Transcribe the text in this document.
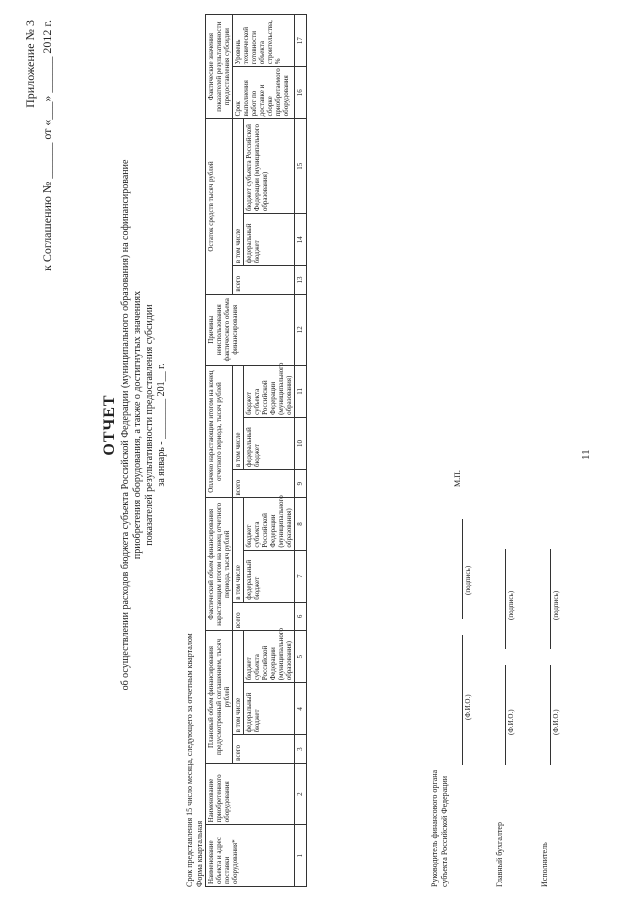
11
Приложение № 3 к Соглашению № ______ от «___» ______ 2012 г.
ОТЧЕТ об осуществлении расходов бюджета субъекта Российской Федерации (муниципального образования) на софинансирование приобретения оборудования, а также о достигнутых значениях показателей результативности предоставления субсидии за январь - ________ 201__ г.
Срок представления 15 число месяца, следующего за отчетным кварталом Форма квартальная Наименование объекта и адрес поставки оборудования*	Наименование приобретенного оборудования	Плановый объем финансирования предусмотренный соглашением, тысяч рублей			Фактический объем финансирования нарастающим итогом на конец отчетного периода, тысяч рублей			Оплачено нарастающим итогом на конец отчетного периода, тысяч рублей			Причины неиспользования фактического объема финансирования	Остаток средств тысяч рублей			Фактические значения показателей результативности предоставления субсидии	
		всего	в том числе		всего	в том числе		всего	в том числе			всего	в том числе		Срок выполнения работ по доставке и сборке приобретаемого оборудования	Уровень технической готовности объекта строительства, %
			федеральный бюджет	бюджет субъекта Российской Федерации (муниципального образования)		федеральный бюджет	бюджет субъекта Российской Федерации (муниципального образования)		федеральный бюджет	бюджет субъекта Российской Федерации (муниципального образования)			федеральный бюджет	бюджет субъекта Российской Федерации (муниципального образования)		
1	2	3	4	5	6	7	8	9	10	11	12	13	14	15	16	17
Руководитель финансового органа субъекта Российской Федерации
М.П.
(Ф.И.О.)
(подпись)
Главный бухгалтер

(Ф.И.О.)
(подпись)
Исполнитель

(Ф.И.О.)
(подпись)
